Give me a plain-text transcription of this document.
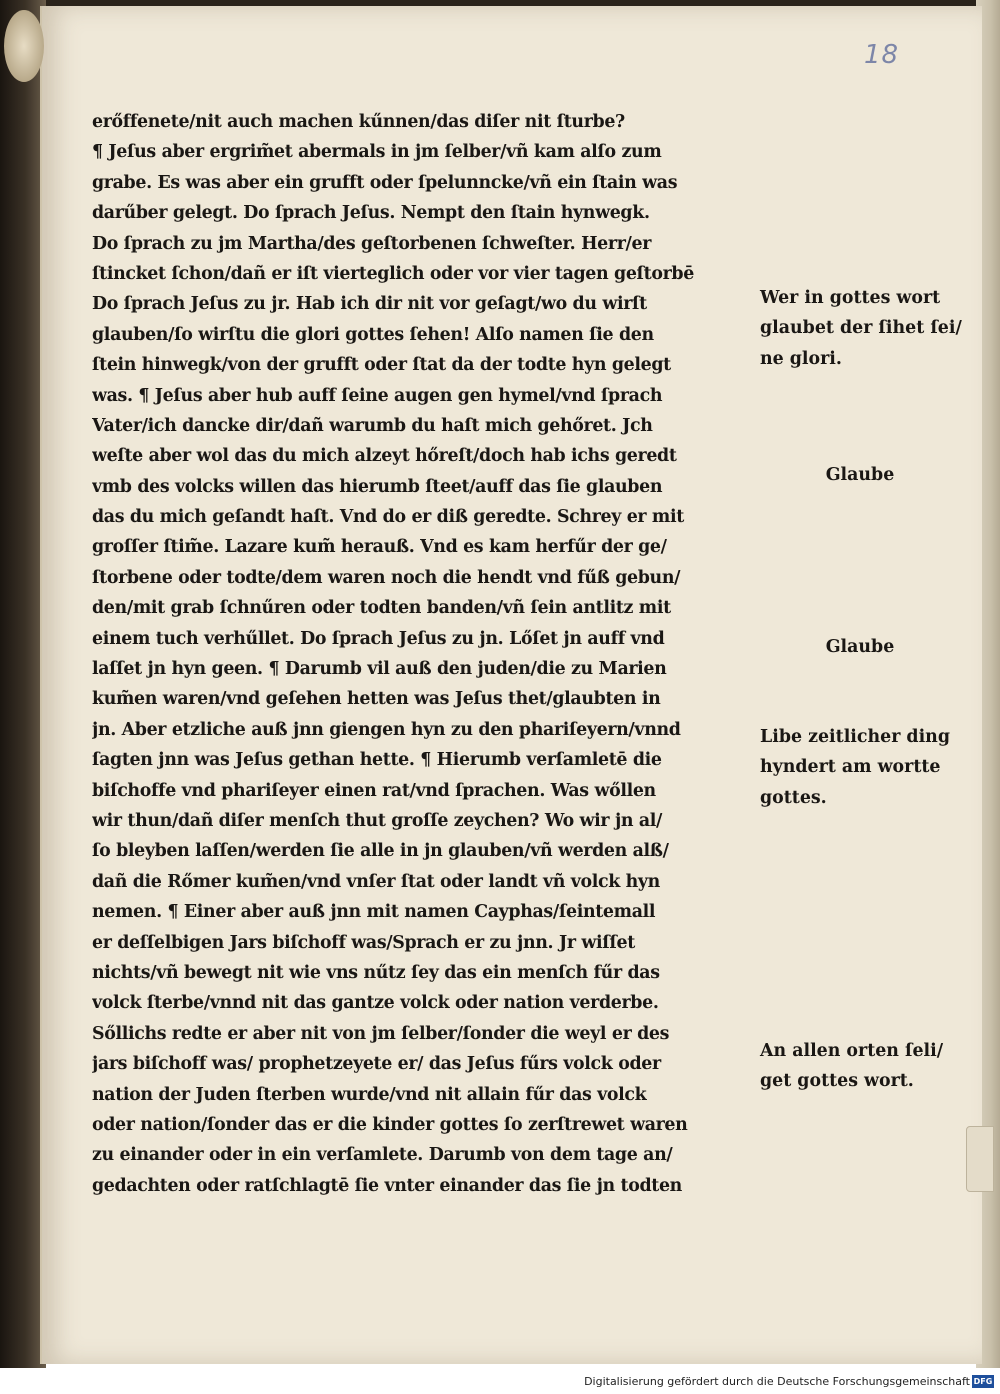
18
erőffenete/nit auch machen kűnnen/das diſer nit ſturbe?
¶ Jeſus aber ergrim̃et abermals in jm ſelber/vñ kam alſo zum
grabe. Es was aber ein grufft oder ſpelunncke/vñ ein ſtain was
darűber gelegt. Do ſprach Jeſus. Nempt den ſtain hynwegk.
Do ſprach zu jm Martha/des geſtorbenen ſchweſter. Herr/er
ſtincket ſchon/dañ er iſt vierteglich oder vor vier tagen geſtorbē
Do ſprach Jeſus zu jr. Hab ich dir nit vor geſagt/wo du wirſt
glauben/ſo wirſtu die glori gottes ſehen! Alſo namen ſie den
ſtein hinwegk/von der grufft oder ſtat da der todte hyn gelegt
was. ¶ Jeſus aber hub auff ſeine augen gen hymel/vnd ſprach
Vater/ich dancke dir/dañ warumb du haſt mich gehőret. Jch
weſte aber wol das du mich alzeyt hőreſt/doch hab ichs geredt
vmb des volcks willen das hierumb ſteet/auff das ſie glauben
das du mich geſandt haſt. Vnd do er diß geredte. Schrey er mit
groſſer ſtim̃e. Lazare kum̃ herauß. Vnd es kam herfűr der ge/
ſtorbene oder todte/dem waren noch die hendt vnd fűß gebun/
den/mit grab ſchnűren oder todten banden/vñ ſein antlitz mit
einem tuch verhűllet. Do ſprach Jeſus zu jn. Lőſet jn auff vnd
laſſet jn hyn geen. ¶ Darumb vil auß den juden/die zu Marien
kum̃en waren/vnd geſehen hetten was Jeſus thet/glaubten in
jn. Aber etzliche auß jnn giengen hyn zu den phariſeyern/vnnd
ſagten jnn was Jeſus gethan hette. ¶ Hierumb verſamletē die
biſchoffe vnd phariſeyer einen rat/vnd ſprachen. Was wőllen
wir thun/dañ diſer menſch thut groſſe zeychen? Wo wir jn al/
ſo bleyben laſſen/werden ſie alle in jn glauben/vñ werden alß/
dañ die Rőmer kum̃en/vnd vnſer ſtat oder landt vñ volck hyn
nemen. ¶ Einer aber auß jnn mit namen Cayphas/ſeintemall
er deſſelbigen Jars biſchoff was/Sprach er zu jnn. Jr wiſſet
nichts/vñ bewegt nit wie vns nűtz ſey das ein menſch fűr das
volck ſterbe/vnnd nit das gantze volck oder nation verderbe.
Sőllichs redte er aber nit von jm ſelber/ſonder die weyl er des
jars biſchoff was/ prophetzeyete er/ das Jeſus fűrs volck oder
nation der Juden ſterben wurde/vnd nit allain fűr das volck
oder nation/ſonder das er die kinder gottes ſo zerſtrewet waren
zu einander oder in ein verſamlete. Darumb von dem tage an/
gedachten oder ratſchlagtē ſie vnter einander das ſie jn todten
Wer in gottes wort
glaubet der ſihet ſei/
ne glori.
Glaube
Glaube
Libe zeitlicher ding
hyndert am wortte
gottes.
An allen orten ſeli/
get gottes wort.
Digitalisierung gefördert durch die Deutsche Forschungsgemeinschaft DFG
